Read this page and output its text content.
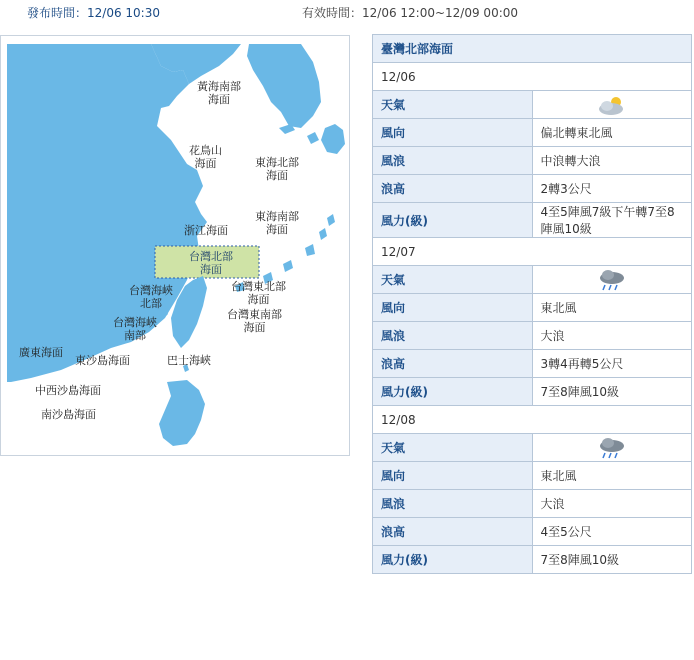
發布時間：12/06 10:30	有效時間：12/06 12:00~12/09 00:00
黃海南部
海面
花鳥山
海面	東海北部
海面
浙江海面
東海南部
海面
台灣北部
海面
台灣東北部
海面
台灣海峽
北部
台灣海峽
南部
台灣東南部
海面
廣東海面
東沙島海面	巴士海峽
中西沙島海面
南沙島海面
臺灣北部海面	
12/06	
天氣	

風向	偏北轉東北風
風浪	中浪轉大浪
浪高	2轉3公尺
風力(級)	4至5陣風7級下午轉7至8陣風10級
12/07	
天氣	

風向	東北風
風浪	大浪
浪高	3轉4再轉5公尺
風力(級)	7至8陣風10級
12/08	
天氣	

風向	東北風
風浪	大浪
浪高	4至5公尺
風力(級)	7至8陣風10級
